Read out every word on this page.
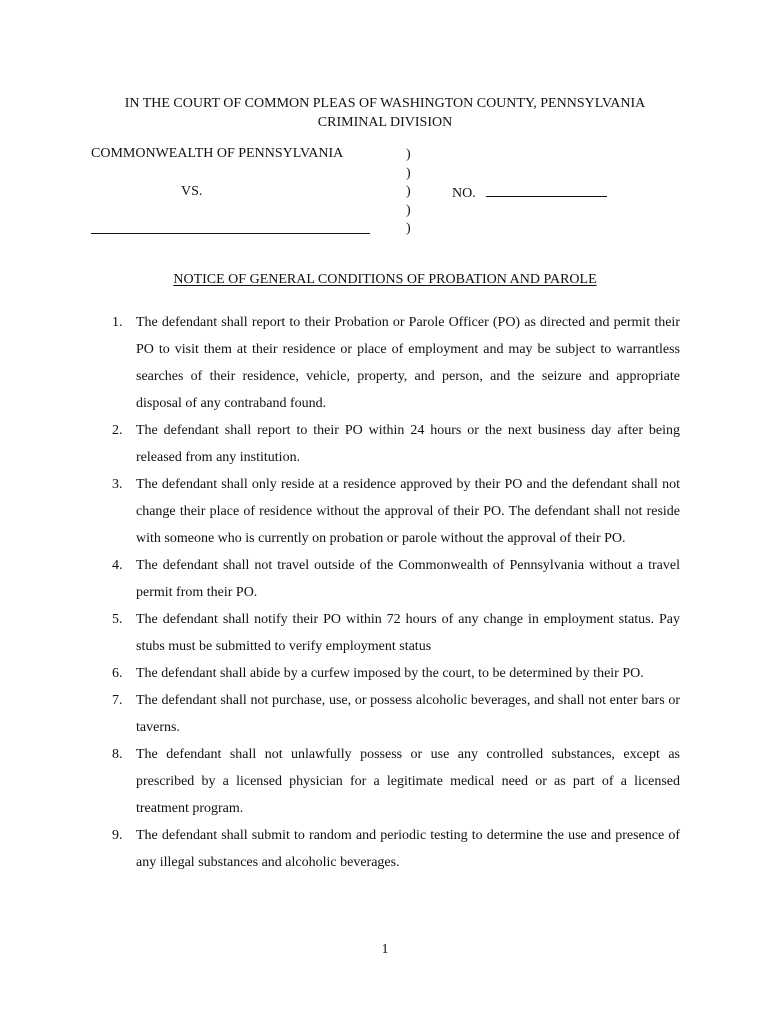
IN THE COURT OF COMMON PLEAS OF WASHINGTON COUNTY, PENNSYLVANIA
CRIMINAL DIVISION
COMMONWEALTH OF PENNSYLVANIA
VS.
)
)
)
)
)
NO.
NOTICE OF GENERAL CONDITIONS OF PROBATION AND PAROLE
1. The defendant shall report to their Probation or Parole Officer (PO) as directed and permit their PO to visit them at their residence or place of employment and may be subject to warrantless searches of their residence, vehicle, property, and person, and the seizure and appropriate disposal of any contraband found.
2. The defendant shall report to their PO within 24 hours or the next business day after being released from any institution.
3. The defendant shall only reside at a residence approved by their PO and the defendant shall not change their place of residence without the approval of their PO. The defendant shall not reside with someone who is currently on probation or parole without the approval of their PO.
4. The defendant shall not travel outside of the Commonwealth of Pennsylvania without a travel permit from their PO.
5. The defendant shall notify their PO within 72 hours of any change in employment status. Pay stubs must be submitted to verify employment status
6. The defendant shall abide by a curfew imposed by the court, to be determined by their PO.
7. The defendant shall not purchase, use, or possess alcoholic beverages, and shall not enter bars or taverns.
8. The defendant shall not unlawfully possess or use any controlled substances, except as prescribed by a licensed physician for a legitimate medical need or as part of a licensed treatment program.
9. The defendant shall submit to random and periodic testing to determine the use and presence of any illegal substances and alcoholic beverages.
1
